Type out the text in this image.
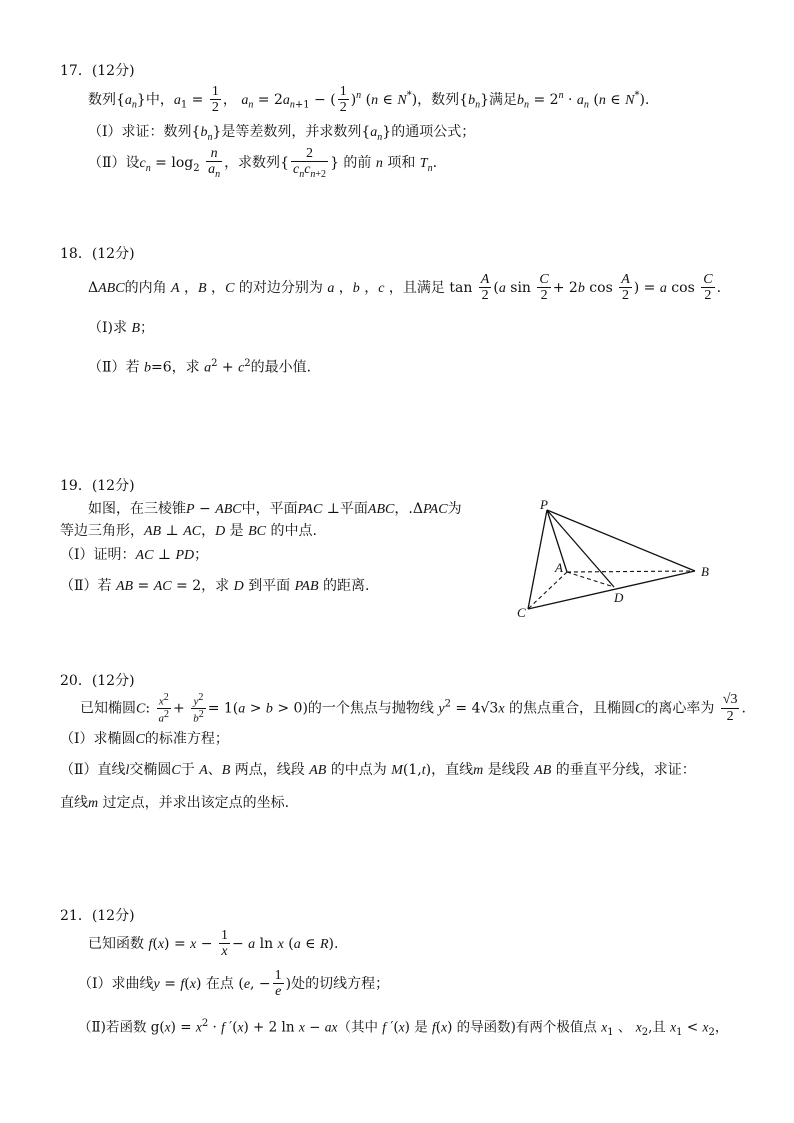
17．(12分)
数列$\{a_n\}$中，$a_1 = \frac{1}{2}$ ， $a_n = 2a_{n+1}$ − ( $\frac{1}{2} )^n$ (n ∈ N*)，数列$\{b_n\}$满足$b_n = 2^n \cdot a_n$ (n ∈ N*).
（Ⅰ）求证：数列$\{b_n\}$是等差数列，并求数列$\{a_n\}$的通项公式；
（Ⅱ）设$c_n = \log_2 \frac{n}{a_n}$ ，求数列{ $\frac{2}{c_nc_{n+2}}$ } 的前 n 项和 $T_n$.
18．(12分)
ΔABC的内角 A ，B ，C 的对边分别为 a ，b ，c ，且满足 $\tan \frac{A}{2} (a$ $\sin \frac{C}{2} + 2b$ $\cos \frac{A}{2}$ ) = a $\cos \frac{C}{2}$ .
（Ⅰ)求 B；
（Ⅱ）若 b=6，求 $a^2 + c^2$的最小值.
19．(12分)
如图，在三棱锥P − ABC中，平面PAC ⊥平面ABC，.ΔPAC为
等边三角形，AB ⊥ AC，D 是 BC 的中点.
（Ⅰ）证明：AC ⊥ PD；
（Ⅱ）若 AB = AC = 2，求 D 到平面 PAB 的距离.
P
A	B
C
D
20．(12分)
已知椭圆C: $\frac{x^2}{a^2} + \frac{y^2}{b^2} = 1(a > b > 0)$的一个焦点与抛物线 $y^2 = 4√3x$ 的焦点重合，且椭圆C的离心率为 $\frac{√3}{2}$ .
（Ⅰ）求椭圆C的标准方程；
（Ⅱ）直线l交椭圆C于 A、B 两点，线段 AB 的中点为 M(1,t)，直线m 是线段 AB 的垂直平分线，求证：
直线m 过定点，并求出该定点的坐标.
21．(12分)
已知函数 $f(x) = x - \frac{1}{x} - a$ ln x (a ∈ R).
（Ⅰ）求曲线y = f(x) 在点 (e, − $\frac{1}{e}$ )处的切线方程；
（Ⅱ)若函数 $g(x) = x^2 \cdot f$ ′(x) + 2 ln x − ax（其中 f ′(x) 是 f(x) 的导函数)有两个极值点 $x_1$ 、 $x_2$,且 $x_1 < x_2$，
